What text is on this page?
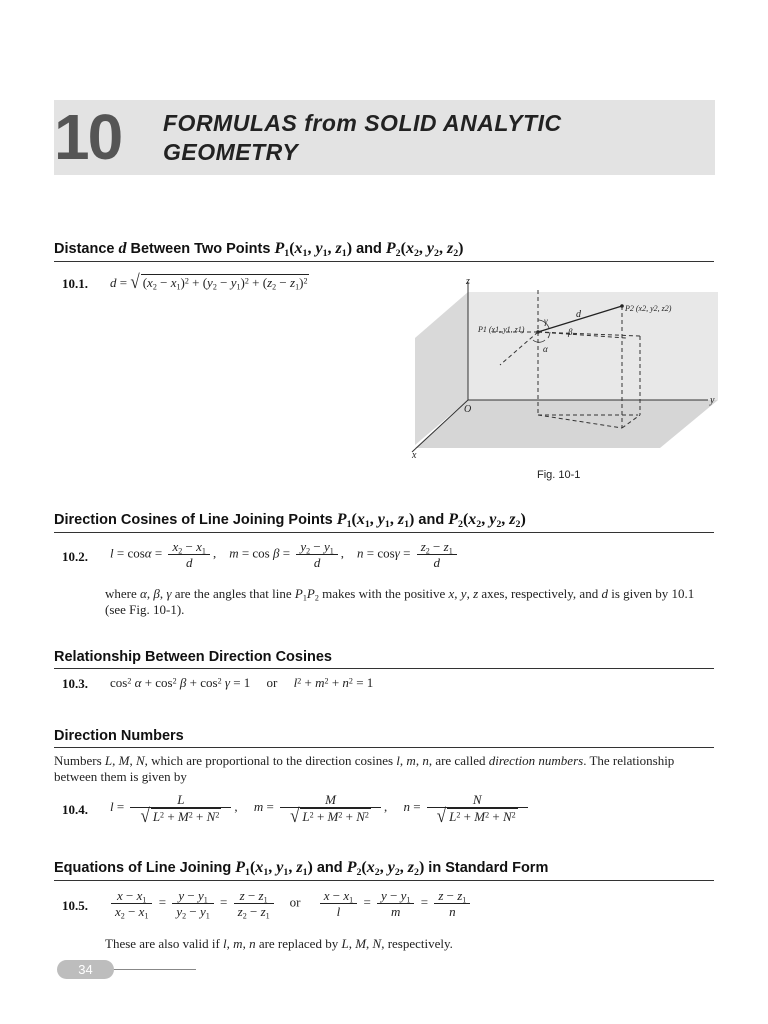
10 FORMULAS from SOLID ANALYTIC GEOMETRY
Distance d Between Two Points $P_1(x_1$, $y_1$, $z_1$) and $P_2(x_2$, $y_2$, $z_2$)
10.1. d = √ $(x_2 - x_1)^2 + (y_2 - y_1)^2 + (z_2 - z_1)^2$	z
y
x
O
P1 (x1, y1, z1)
P2 (x2, y2, z2)
d
γ
β
α
Fig. 10-1
Direction Cosines of Line Joining Points $P_1(x_1$, $y_1$, $z_1$) and $P_2(x_2$, $y_2$, $z_2$)
10.2. $l = \cos\alpha = \frac{x_2 - x_1}{d}$ ,    $m = \cos \beta = \frac{y_2 - y_1}{d}$ ,    $n = \cos\gamma = \frac{z_2 - z_1}{d}$
where α, β, γ are the angles that line $P_1P_2$ makes with the positive x, y, z axes, respectively, and d is given by 10.1 (see Fig. 10-1).
Relationship Between Direction Cosines
10.3. $\cos^2 \alpha + \cos^2 \beta + \cos^2 \gamma = 1$     or     $l^2 + m^2 + n^2 = 1$
Direction Numbers
Numbers L, M, N, which are proportional to the direction cosines l, m, n, are called direction numbers. The relationship between them is given by
10.4. $l = \frac{L}{√ L^2 + M^2 + N^2}$ ,     $m = \frac{M}{√ L^2 + M^2 + N^2}$ ,     $n = \frac{N}{√ L^2 + M^2 + N^2}$
Equations of Line Joining $P_1(x_1$, $y_1$, $z_1$) and $P_2(x_2$, $y_2$, $z_2$) in Standard Form
10.5. $\frac{x - x_1}{x_2 - x_1} = \frac{y - y_1}{y_2 - y_1} = \frac{z - z_1}{z_2 - z_1}$ or $\frac{x - x_1}{l} = \frac{y - y_1}{m} = \frac{z - z_1}{n}$
These are also valid if l, m, n are replaced by L, M, N, respectively.
34
